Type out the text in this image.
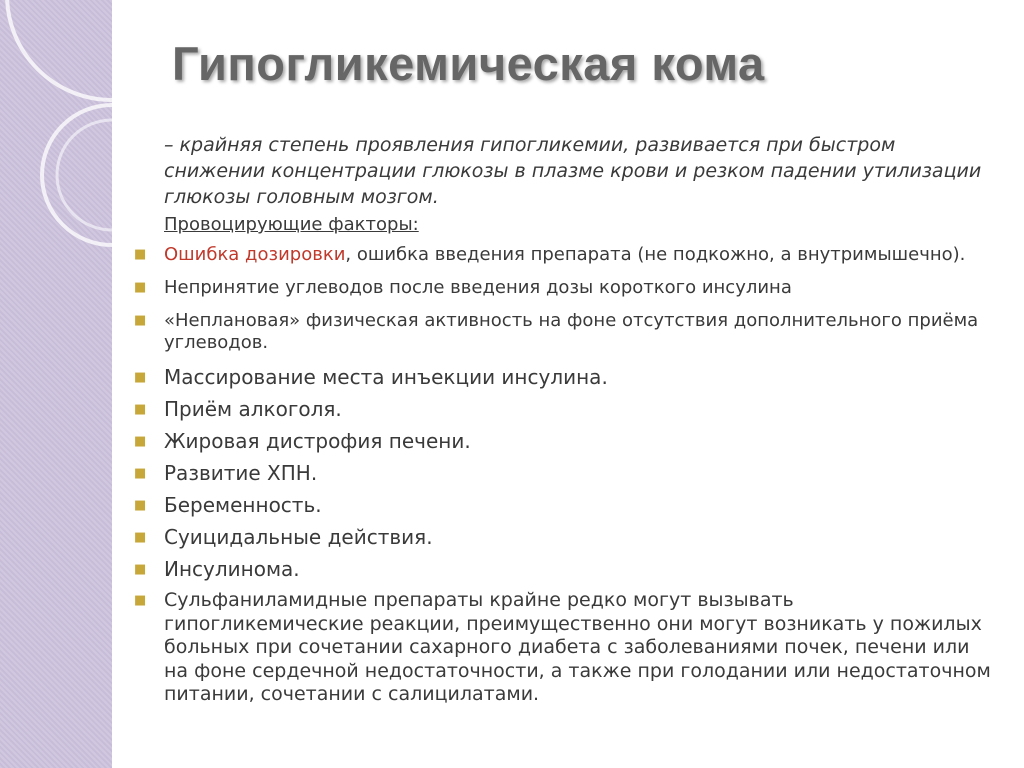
Гипогликемическая кома

– крайняя степень проявления гипогликемии, развивается при быстром снижении концентрации глюкозы в плазме крови и резком падении утилизации глюкозы головным мозгом.

Провоцирующие факторы:

■ Ошибка дозировки, ошибка введения препарата (не подкожно, а внутримышечно).
■ Непринятие углеводов после введения дозы короткого инсулина
■ «Неплановая» физическая активность на фоне отсутствия дополнительного приёма углеводов.
■ Массирование места инъекции инсулина.
■ Приём алкоголя.
■ Жировая дистрофия печени.
■ Развитие ХПН.
■ Беременность.
■ Суицидальные действия.
■ Инсулинома.
■ Сульфаниламидные препараты крайне редко могут вызывать гипогликемические реакции, преимущественно они могут возникать у пожилых больных при сочетании сахарного диабета с заболеваниями почек, печени или на фоне сердечной недостаточности, а также при голодании или недостаточном питании, сочетании с салицилатами.
